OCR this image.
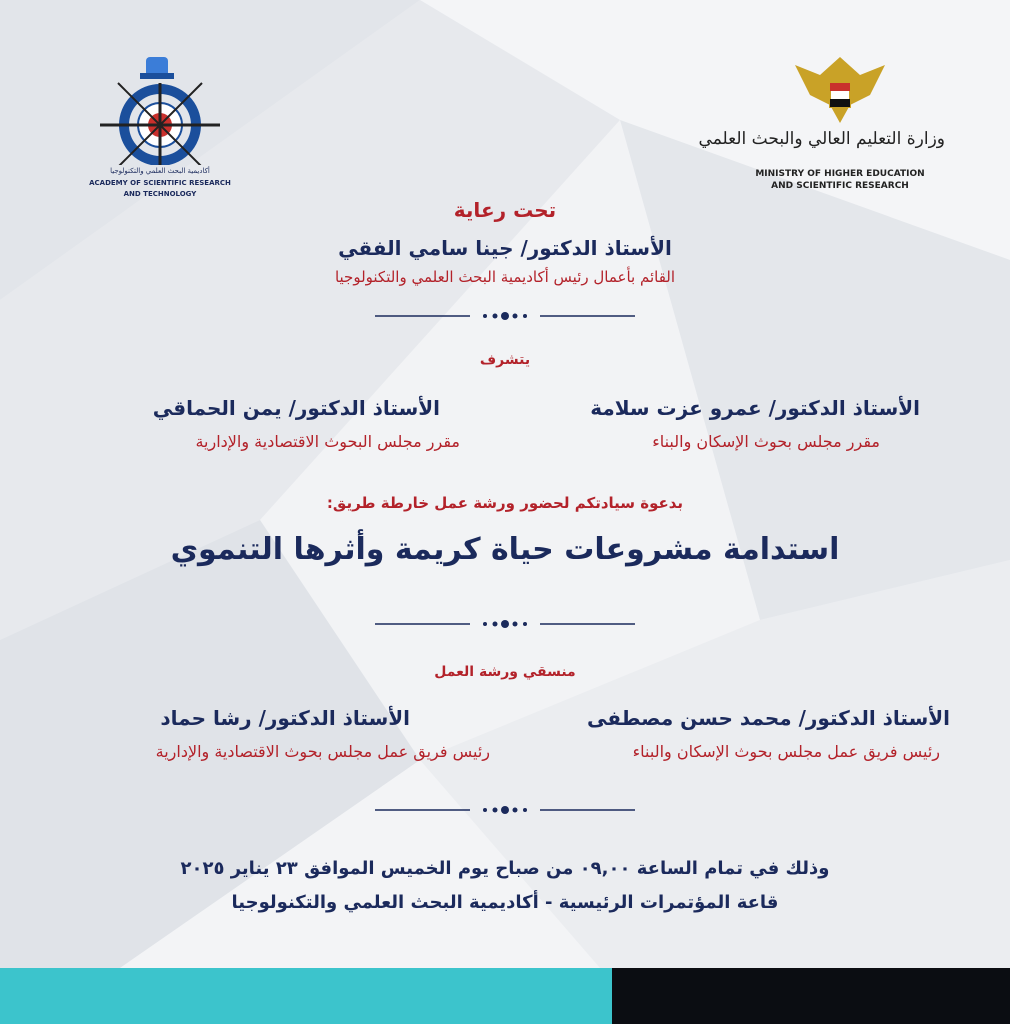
أكاديمية البحث العلمي والتكنولوجيا
ACADEMY OF SCIENTIFIC RESEARCH
AND TECHNOLOGY
وزارة التعليم العالي والبحث العلمي
MINISTRY OF HIGHER EDUCATION
AND SCIENTIFIC RESEARCH
تحت رعاية
الأستاذ الدكتور/ جينا سامي الفقي
القائم بأعمال رئيس أكاديمية البحث العلمي والتكنولوجيا
يتشرف
الأستاذ الدكتور/ عمرو عزت سلامة
مقرر مجلس بحوث الإسكان والبناء
الأستاذ الدكتور/ يمن الحماقي
مقرر مجلس البحوث الاقتصادية والإدارية
بدعوة سيادتكم لحضور ورشة عمل خارطة طريق:
استدامة مشروعات حياة كريمة وأثرها التنموي
منسقي ورشة العمل
الأستاذ الدكتور/ محمد حسن مصطفى
رئيس فريق عمل مجلس بحوث الإسكان والبناء
الأستاذ الدكتور/ رشا حماد
رئيس فريق عمل مجلس بحوث الاقتصادية والإدارية
وذلك في تمام الساعة ٠٩,٠٠ من صباح يوم الخميس الموافق ٢٣ يناير ٢٠٢٥
قاعة المؤتمرات الرئيسية - أكاديمية البحث العلمي والتكنولوجيا
